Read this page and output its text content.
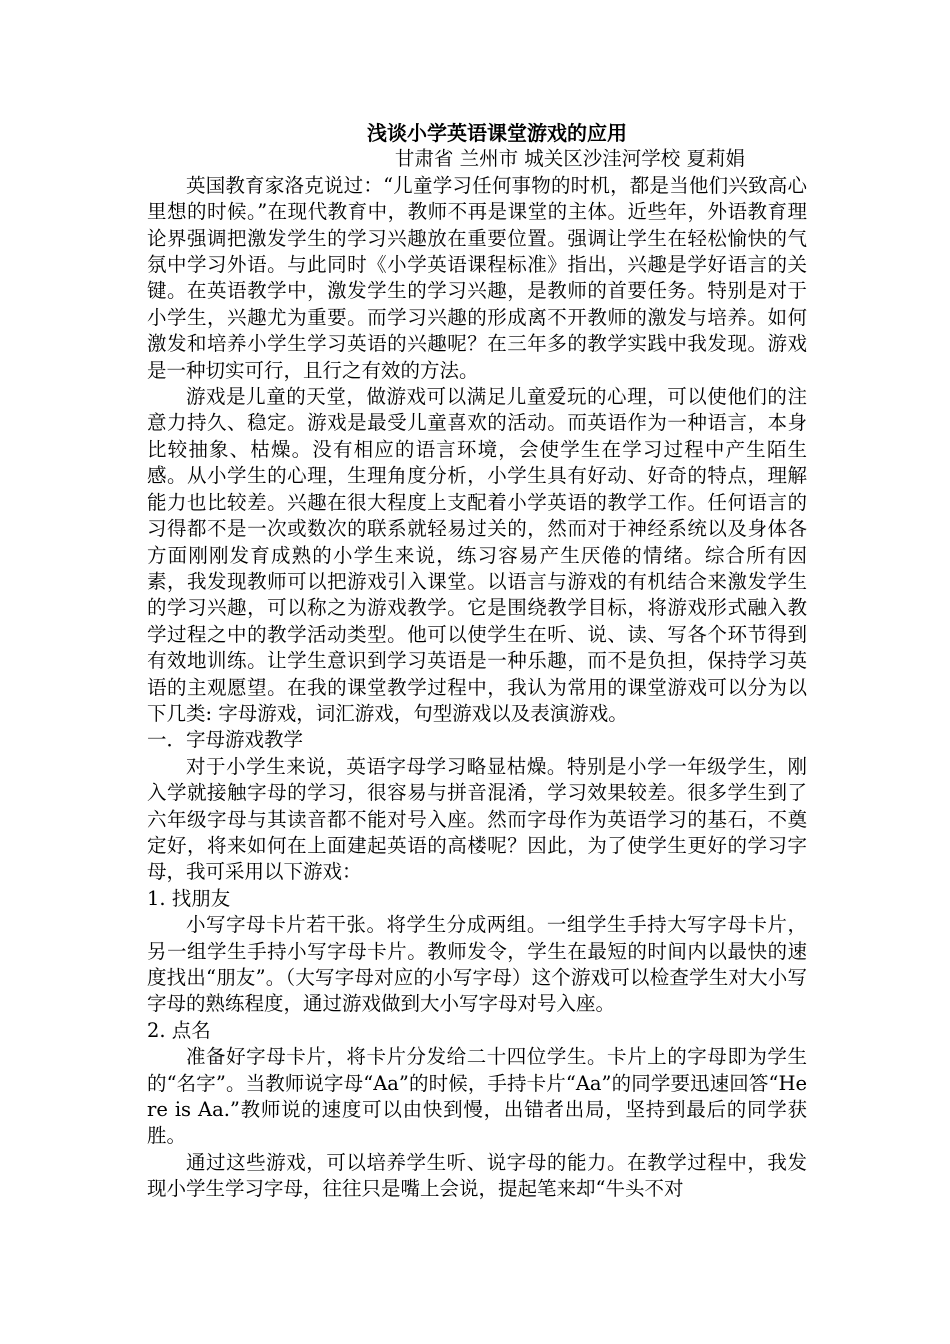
浅谈小学英语课堂游戏的应用

甘肃省 兰州市 城关区沙洼河学校 夏莉娟

英国教育家洛克说过：“儿童学习任何事物的时机，都是当他们兴致高心里想的时候。”在现代教育中，教师不再是课堂的主体。近些年，外语教育理论界强调把激发学生的学习兴趣放在重要位置。强调让学生在轻松愉快的气氛中学习外语。与此同时《小学英语课程标准》指出，兴趣是学好语言的关键。在英语教学中，激发学生的学习兴趣，是教师的首要任务。特别是对于小学生，兴趣尤为重要。而学习兴趣的形成离不开教师的激发与培养。如何激发和培养小学生学习英语的兴趣呢？在三年多的教学实践中我发现。游戏是一种切实可行，且行之有效的方法。

游戏是儿童的天堂，做游戏可以满足儿童爱玩的心理，可以使他们的注意力持久、稳定。游戏是最受儿童喜欢的活动。而英语作为一种语言，本身比较抽象、枯燥。没有相应的语言环境，会使学生在学习过程中产生陌生感。从小学生的心理，生理角度分析，小学生具有好动、好奇的特点，理解能力也比较差。兴趣在很大程度上支配着小学英语的教学工作。任何语言的习得都不是一次或数次的联系就轻易过关的，然而对于神经系统以及身体各方面刚刚发育成熟的小学生来说，练习容易产生厌倦的情绪。综合所有因素，我发现教师可以把游戏引入课堂。以语言与游戏的有机结合来激发学生的学习兴趣，可以称之为游戏教学。它是围绕教学目标，将游戏形式融入教学过程之中的教学活动类型。他可以使学生在听、说、读、写各个环节得到有效地训练。让学生意识到学习英语是一种乐趣，而不是负担，保持学习英语的主观愿望。在我的课堂教学过程中，我认为常用的课堂游戏可以分为以下几类: 字母游戏，词汇游戏，句型游戏以及表演游戏。

一．字母游戏教学

对于小学生来说，英语字母学习略显枯燥。特别是小学一年级学生，刚入学就接触字母的学习，很容易与拼音混淆，学习效果较差。很多学生到了六年级字母与其读音都不能对号入座。然而字母作为英语学习的基石，不奠定好，将来如何在上面建起英语的高楼呢？因此，为了使学生更好的学习字母，我可采用以下游戏：

1. 找朋友

小写字母卡片若干张。将学生分成两组。一组学生手持大写字母卡片，另一组学生手持小写字母卡片。教师发令，学生在最短的时间内以最快的速度找出“朋友”。（大写字母对应的小写字母）这个游戏可以检查学生对大小写字母的熟练程度，通过游戏做到大小写字母对号入座。

2. 点名

准备好字母卡片，将卡片分发给二十四位学生。卡片上的字母即为学生的“名字”。当教师说字母“Aa”的时候，手持卡片“Aa”的同学要迅速回答“Here is Aa.”教师说的速度可以由快到慢，出错者出局，坚持到最后的同学获胜。

通过这些游戏，可以培养学生听、说字母的能力。在教学过程中，我发现小学生学习字母，往往只是嘴上会说，提起笔来却“牛头不对
